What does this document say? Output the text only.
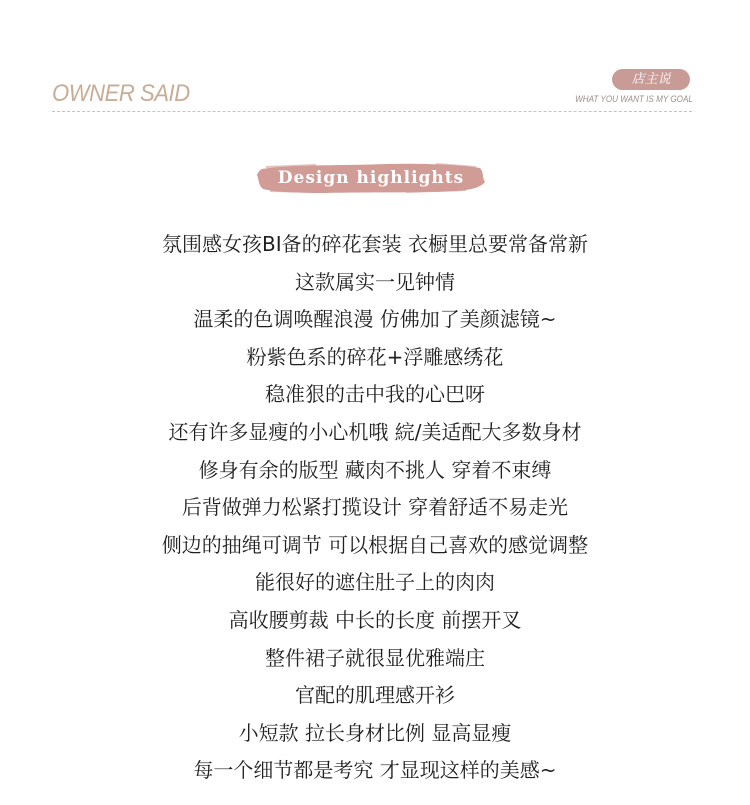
OWNER SAID
店主说
WHAT YOU WANT IS MY GOAL
Design highlights
氛围感女孩BI备的碎花套装 衣橱里总要常备常新
这款属实一见钟情
温柔的色调唤醒浪漫 仿佛加了美颜滤镜~
粉紫色系的碎花+浮雕感绣花
稳准狠的击中我的心巴呀
还有许多显瘦的小心机哦 綄/美适配大多数身材
修身有余的版型 藏肉不挑人 穿着不束缚
后背做弹力松紧打揽设计 穿着舒适不易走光
侧边的抽绳可调节 可以根据自己喜欢的感觉调整
能很好的遮住肚子上的肉肉
高收腰剪裁 中长的长度 前摆开叉
整件裙子就很显优雅端庄
官配的肌理感开衫
小短款 拉长身材比例 显高显瘦
每一个细节都是考究 才显现这样的美感~
